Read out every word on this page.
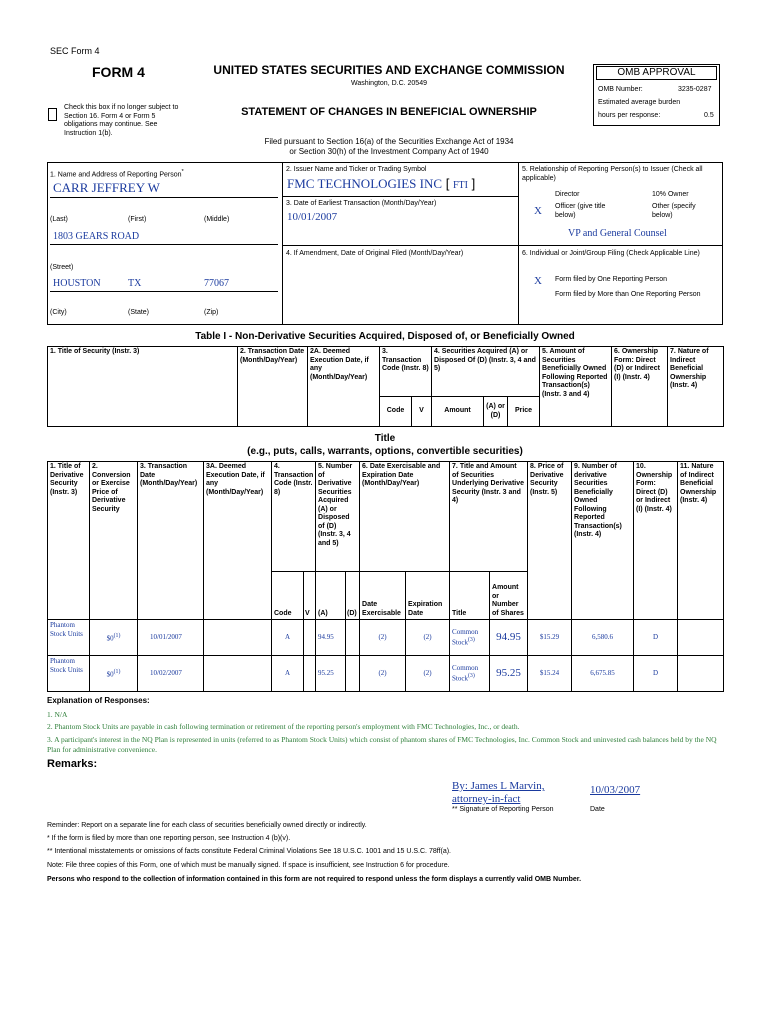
SEC Form 4
FORM 4	UNITED STATES SECURITIES AND EXCHANGE COMMISSION
Washington, D.C. 20549
STATEMENT OF CHANGES IN BENEFICIAL OWNERSHIP
Check this box if no longer subject to Section 16. Form 4 or Form 5 obligations may continue. See Instruction 1(b).
Filed pursuant to Section 16(a) of the Securities Exchange Act of 1934
or Section 30(h) of the Investment Company Act of 1940
OMB APPROVAL
OMB Number:	3235-0287
Estimated average burden
hours per response:	0.5
1. Name and Address of Reporting Person*
CARR JEFFREY W
(Last)	(First)	(Middle)
1803 GEARS ROAD
(Street)
HOUSTON	TX	77067
(City)	(State)	(Zip)
2. Issuer Name and Ticker or Trading Symbol
FMC TECHNOLOGIES INC [ FTI ]
3. Date of Earliest Transaction (Month/Day/Year)
10/01/2007
4. If Amendment, Date of Original Filed (Month/Day/Year)
5. Relationship of Reporting Person(s) to Issuer (Check all applicable)
Director	10% Owner
X Officer (give title below)
Other (specify below)
VP and General Counsel
6. Individual or Joint/Group Filing (Check Applicable Line)
X Form filed by One Reporting Person
Form filed by More than One Reporting Person
Table I - Non-Derivative Securities Acquired, Disposed of, or Beneficially Owned
1. Title of Security (Instr. 3)	2. Transaction Date (Month/Day/Year)	2A. Deemed Execution Date, if any (Month/Day/Year)	3. Transaction Code (Instr. 8)		4. Securities Acquired (A) or Disposed Of (D) (Instr. 3, 4 and 5)			5. Amount of Securities Beneficially Owned Following Reported Transaction(s) (Instr. 3 and 4)	6. Ownership Form: Direct (D) or Indirect (I) (Instr. 4)	7. Nature of Indirect Beneficial Ownership (Instr. 4)
			Code	V	Amount	(A) or (D)	Price			
Title
(e.g., puts, calls, warrants, options, convertible securities)
1. Title of Derivative Security (Instr. 3)	2. Conversion or Exercise Price of Derivative Security	3. Transaction Date (Month/Day/Year)	3A. Deemed Execution Date, if any (Month/Day/Year)	4. Transaction Code (Instr. 8)		5. Number of Derivative Securities Acquired (A) or Disposed of (D) (Instr. 3, 4 and 5)		6. Date Exercisable and Expiration Date (Month/Day/Year)		7. Title and Amount of Securities Underlying Derivative Security (Instr. 3 and 4)		8. Price of Derivative Security (Instr. 5)	9. Number of derivative Securities Beneficially Owned Following Reported Transaction(s) (Instr. 4)	10. Ownership Form: Direct (D) or Indirect (I) (Instr. 4)	11. Nature of Indirect Beneficial Ownership (Instr. 4)
				Code	V	(A)	(D)	Date Exercisable	Expiration Date	Title	Amount or Number of Shares				
Phantom Stock Units	$0$^{(1)}$	10/01/2007		A		94.95		(2)	(2)	Common Stock$^{(3)}$	94.95	$15.29	6,580.6	D	
Phantom Stock Units	$0$^{(1)}$	10/02/2007		A		95.25		(2)	(2)	Common Stock$^{(3)}$	95.25	$15.24	6,675.85	D	
Explanation of Responses:
1. N/A
2. Phantom Stock Units are payable in cash following termination or retirement of the reporting person's employment with FMC Technologies, Inc., or death.
3. A participant's interest in the NQ Plan is represented in units (referred to as Phantom Stock Units) which consist of phantom shares of FMC Technologies, Inc. Common Stock and uninvested cash balances held by the NQ Plan for administrative convenience.
Remarks:
By: James L Marvin,
attorney-in-fact
10/03/2007
** Signature of Reporting Person	Date
Reminder: Report on a separate line for each class of securities beneficially owned directly or indirectly.
* If the form is filed by more than one reporting person, see Instruction 4 (b)(v).
** Intentional misstatements or omissions of facts constitute Federal Criminal Violations See 18 U.S.C. 1001 and 15 U.S.C. 78ff(a).
Note: File three copies of this Form, one of which must be manually signed. If space is insufficient, see Instruction 6 for procedure.
Persons who respond to the collection of information contained in this form are not required to respond unless the form displays a currently valid OMB Number.
